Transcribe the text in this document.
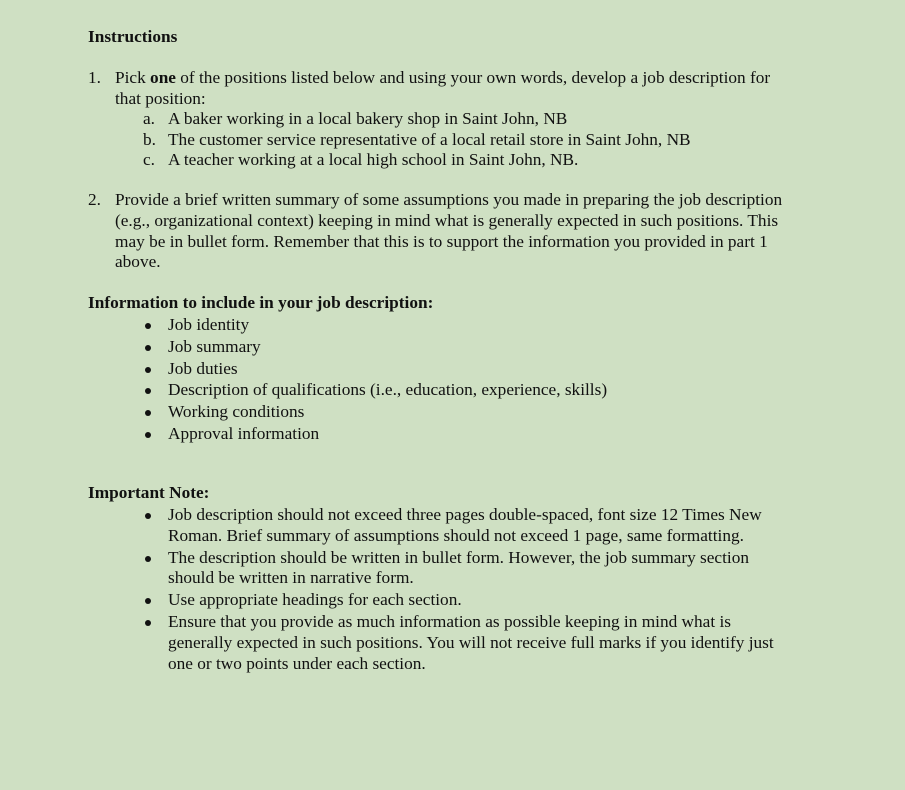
Instructions
1. Pick one of the positions listed below and using your own words, develop a job description for that position:
a. A baker working in a local bakery shop in Saint John, NB
b. The customer service representative of a local retail store in Saint John, NB
c. A teacher working at a local high school in Saint John, NB.
2. Provide a brief written summary of some assumptions you made in preparing the job description (e.g., organizational context) keeping in mind what is generally expected in such positions. This may be in bullet form. Remember that this is to support the information you provided in part 1 above.
Information to include in your job description:
Job identity
Job summary
Job duties
Description of qualifications (i.e., education, experience, skills)
Working conditions
Approval information
Important Note:
Job description should not exceed three pages double-spaced, font size 12 Times New Roman. Brief summary of assumptions should not exceed 1 page, same formatting.
The description should be written in bullet form. However, the job summary section should be written in narrative form.
Use appropriate headings for each section.
Ensure that you provide as much information as possible keeping in mind what is generally expected in such positions. You will not receive full marks if you identify just one or two points under each section.
